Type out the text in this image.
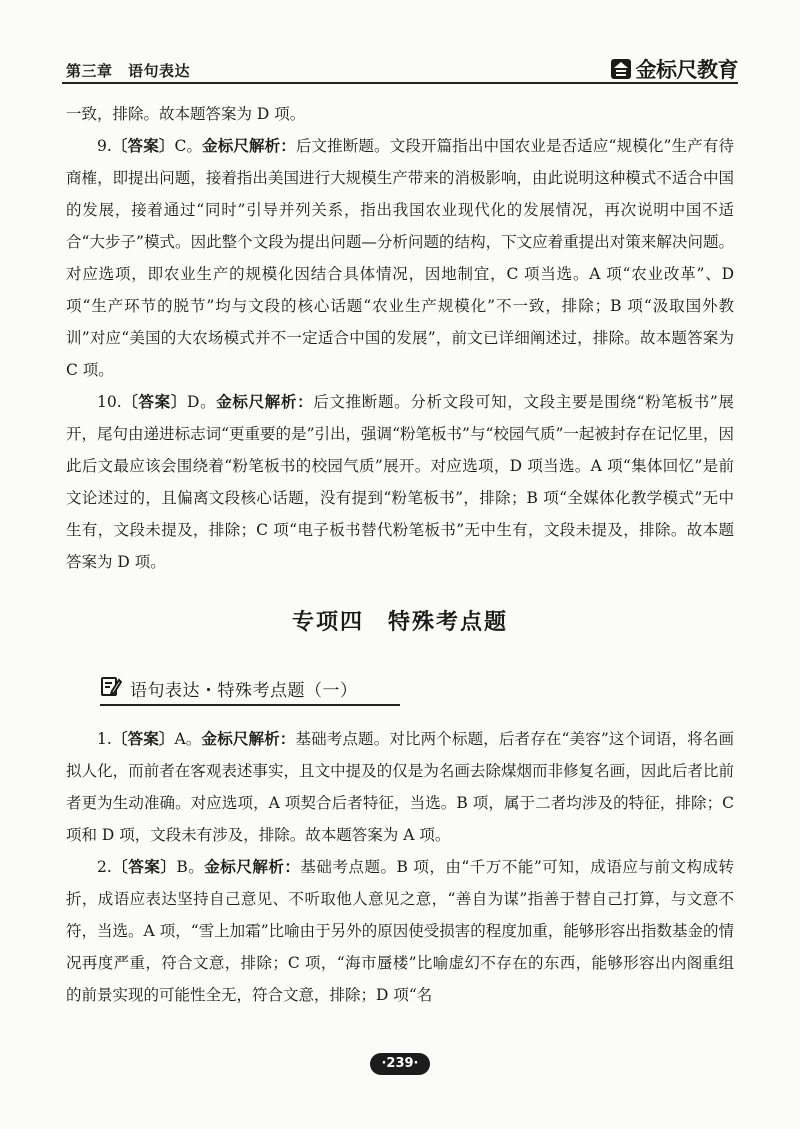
第三章　语句表达	金标尺教育

一致，排除。故本题答案为 D 项。

9.〔答案〕C。金标尺解析：后文推断题。文段开篇指出中国农业是否适应“规模化”生产有待商榷，即提出问题，接着指出美国进行大规模生产带来的消极影响，由此说明这种模式不适合中国的发展，接着通过“同时”引导并列关系，指出我国农业现代化的发展情况，再次说明中国不适合“大步子”模式。因此整个文段为提出问题—分析问题的结构，下文应着重提出对策来解决问题。对应选项，即农业生产的规模化因结合具体情况，因地制宜，C 项当选。A 项“农业改革”、D 项“生产环节的脱节”均与文段的核心话题“农业生产规模化”不一致，排除；B 项“汲取国外教训”对应“美国的大农场模式并不一定适合中国的发展”，前文已详细阐述过，排除。故本题答案为 C 项。

10.〔答案〕D。金标尺解析：后文推断题。分析文段可知，文段主要是围绕“粉笔板书”展开，尾句由递进标志词“更重要的是”引出，强调“粉笔板书”与“校园气质”一起被封存在记忆里，因此后文最应该会围绕着“粉笔板书的校园气质”展开。对应选项，D 项当选。A 项“集体回忆”是前文论述过的，且偏离文段核心话题，没有提到“粉笔板书”，排除；B 项“全媒体化教学模式”无中生有，文段未提及，排除；C 项“电子板书替代粉笔板书”无中生有，文段未提及，排除。故本题答案为 D 项。

专项四　特殊考点题
语句表达・特殊考点题（一）

1.〔答案〕A。金标尺解析：基础考点题。对比两个标题，后者存在“美容”这个词语，将名画拟人化，而前者在客观表述事实，且文中提及的仅是为名画去除煤烟而非修复名画，因此后者比前者更为生动准确。对应选项，A 项契合后者特征，当选。B 项，属于二者均涉及的特征，排除；C 项和 D 项，文段未有涉及，排除。故本题答案为 A 项。

2.〔答案〕B。金标尺解析：基础考点题。B 项，由“千万不能”可知，成语应与前文构成转折，成语应表达坚持自己意见、不听取他人意见之意，“善自为谋”指善于替自己打算，与文意不符，当选。A 项，“雪上加霜”比喻由于另外的原因使受损害的程度加重，能够形容出指数基金的情况再度严重，符合文意，排除；C 项，“海市蜃楼”比喻虚幻不存在的东西，能够形容出内阁重组的前景实现的可能性全无，符合文意，排除；D 项“名

·239·
